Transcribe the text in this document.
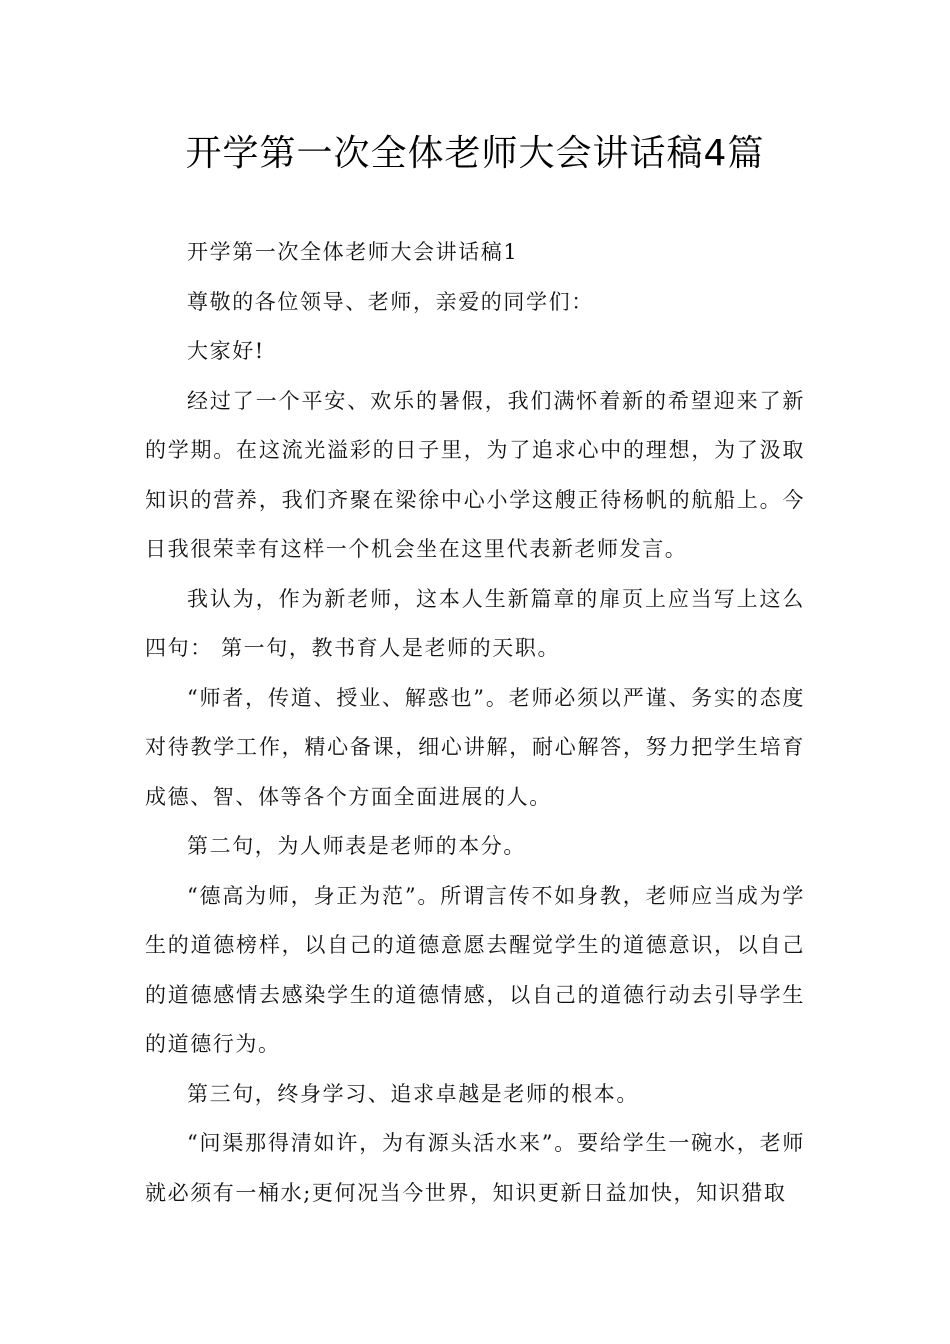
开学第一次全体老师大会讲话稿4篇

开学第一次全体老师大会讲话稿1

尊敬的各位领导、老师，亲爱的同学们：

大家好!

经过了一个平安、欢乐的暑假，我们满怀着新的希望迎来了新的学期。在这流光溢彩的日子里，为了追求心中的理想，为了汲取知识的营养，我们齐聚在梁徐中心小学这艘正待杨帆的航船上。今日我很荣幸有这样一个机会坐在这里代表新老师发言。

我认为，作为新老师，这本人生新篇章的扉页上应当写上这么四句： 第一句，教书育人是老师的天职。

“师者，传道、授业、解惑也”。老师必须以严谨、务实的态度对待教学工作，精心备课，细心讲解，耐心解答，努力把学生培育成德、智、体等各个方面全面进展的人。

第二句，为人师表是老师的本分。

“德高为师，身正为范”。所谓言传不如身教，老师应当成为学生的道德榜样，以自己的道德意愿去醒觉学生的道德意识，以自己的道德感情去感染学生的道德情感，以自己的道德行动去引导学生的道德行为。

第三句，终身学习、追求卓越是老师的根本。

“问渠那得清如许，为有源头活水来”。要给学生一碗水，老师就必须有一桶水;更何况当今世界，知识更新日益加快，知识猎取
